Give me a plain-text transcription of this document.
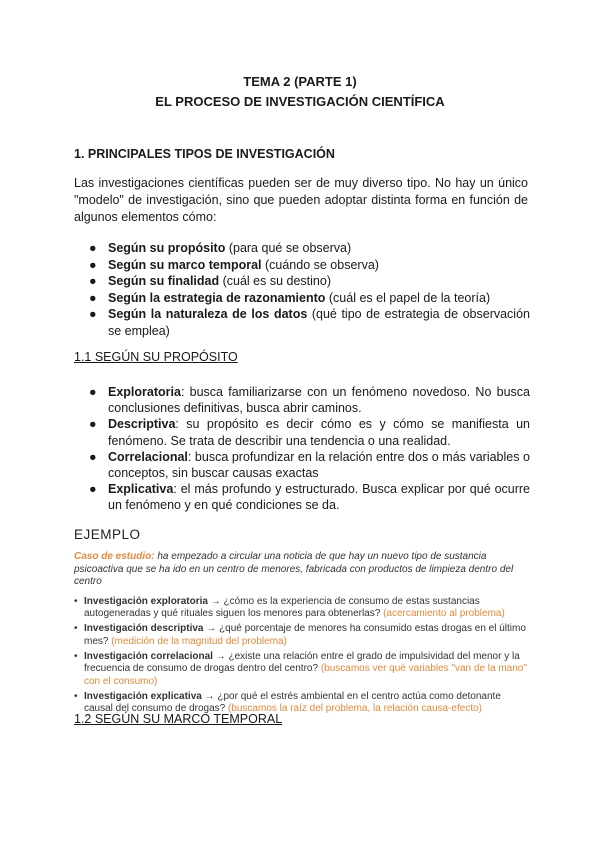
TEMA 2 (PARTE 1)
EL PROCESO DE INVESTIGACIÓN CIENTÍFICA
1. PRINCIPALES TIPOS DE INVESTIGACIÓN

Las investigaciones científicas pueden ser de muy diverso tipo. No hay un único "modelo" de investigación, sino que pueden adoptar distinta forma en función de algunos elementos cómo:

● Según su propósito (para qué se observa)
● Según su marco temporal (cuándo se observa)
● Según su finalidad (cuál es su destino)
● Según la estrategia de razonamiento (cuál es el papel de la teoría)
● Según la naturaleza de los datos (qué tipo de estrategia de observación se emplea)
1.1 SEGÚN SU PROPÓSITO
● Exploratoria: busca familiarizarse con un fenómeno novedoso. No busca conclusiones definitivas, busca abrir caminos.
● Descriptiva: su propósito es decir cómo es y cómo se manifiesta un fenómeno. Se trata de describir una tendencia o una realidad.
● Correlacional: busca profundizar en la relación entre dos o más variables o conceptos, sin buscar causas exactas
● Explicativa: el más profundo y estructurado. Busca explicar por qué ocurre un fenómeno y en qué condiciones se da.
EJEMPLO

Caso de estudio: ha empezado a circular una noticia de que hay un nuevo tipo de sustancia psicoactiva que se ha ido en un centro de menores, fabricada con productos de limpieza dentro del centro

• Investigación exploratoria → ¿cómo es la experiencia de consumo de estas sustancias autogeneradas y qué rituales siguen los menores para obtenerlas? (acercamiento al problema)
• Investigación descriptiva → ¿qué porcentaje de menores ha consumido estas drogas en el último mes? (medición de la magnitud del problema)
• Investigación correlacional → ¿existe una relación entre el grado de impulsividad del menor y la frecuencia de consumo de drogas dentro del centro? (buscamos ver qué variables "van de la mano" con el consumo)
• Investigación explicativa → ¿por qué el estrés ambiental en el centro actúa como detonante causal del consumo de drogas? (buscamos la raíz del problema, la relación causa-efecto)
1.2 SEGÚN SU MARCO TEMPORAL
